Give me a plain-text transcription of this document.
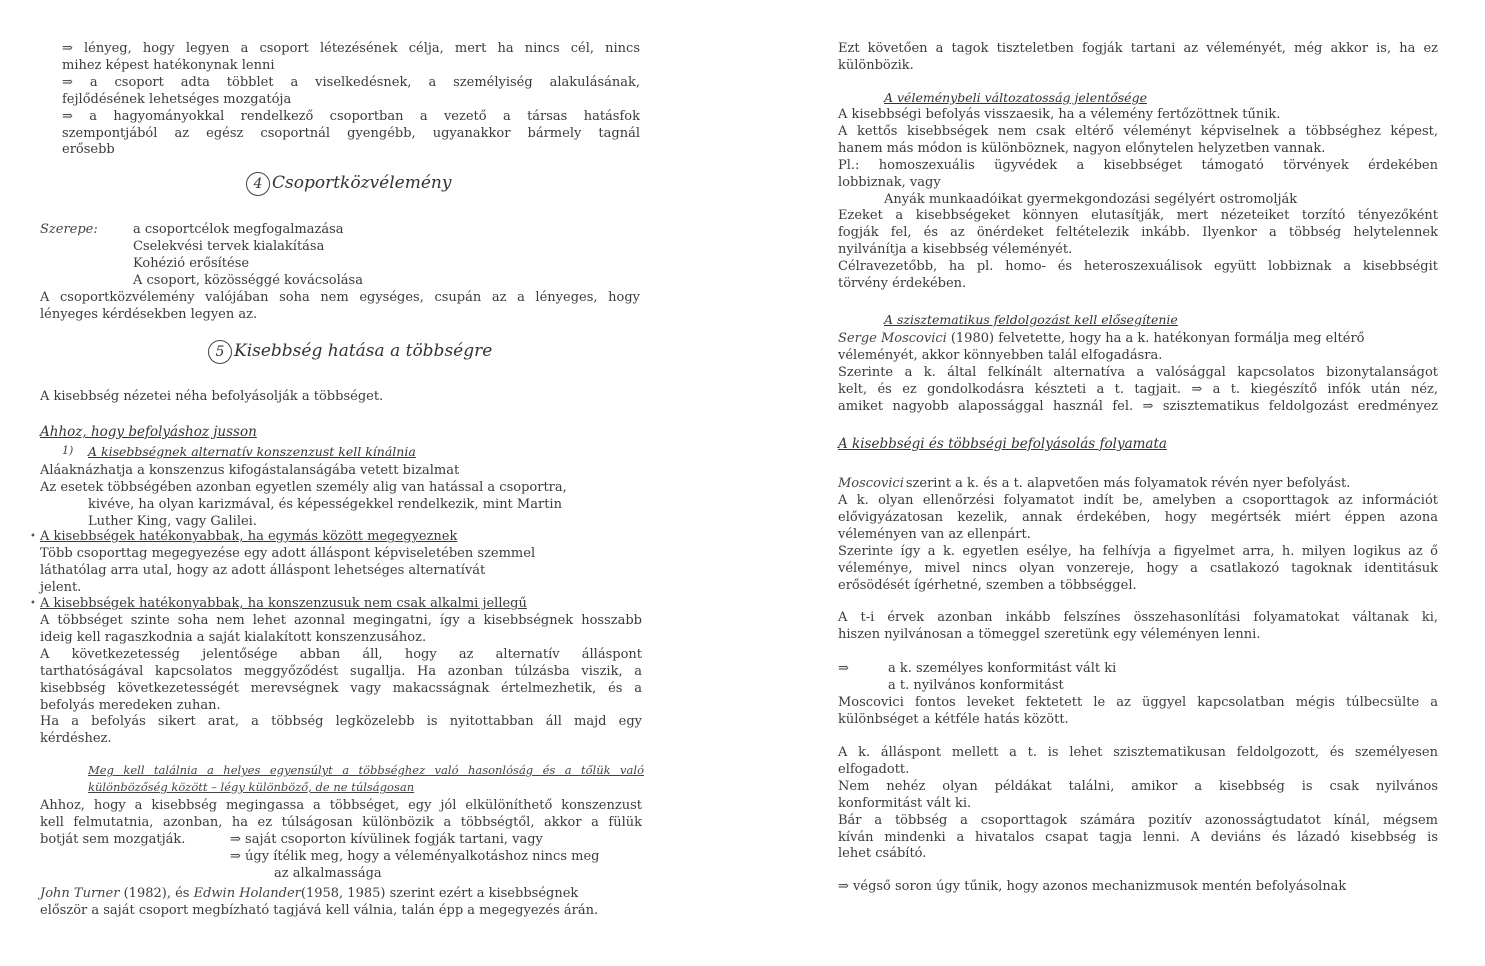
⇒ lényeg, hogy legyen a csoport létezésének célja, mert ha nincs cél, nincs
mihez képest hatékonynak lenni
⇒ a csoport adta többlet a viselkedésnek, a személyiség alakulásának,
fejlődésének lehetséges mozgatója
⇒ a hagyományokkal rendelkező csoportban a vezető a társas hatásfok
szempontjából az egész csoportnál gyengébb, ugyanakkor bármely tagnál
erősebb
4 Csoportközvélemény
Szerepe:	a csoportcélok megfogalmazása
Cselekvési tervek kialakítása
Kohézió erősítése
A csoport, közösséggé kovácsolása
A csoportközvélemény valójában soha nem egységes, csupán az a lényeges, hogy
lényeges kérdésekben legyen az.
5 Kisebbség hatása a többségre
A kisebbség nézetei néha befolyásolják a többséget.
Ahhoz, hogy befolyáshoz jusson
1) A kisebbségnek alternatív konszenzust kell kínálnia
Aláaknázhatja a konszenzus kifogástalanságába vetett bizalmat
Az esetek többségében azonban egyetlen személy alig van hatással a csoportra,
kivéve, ha olyan karizmával, és képességekkel rendelkezik, mint Martin
Luther King, vagy Galilei.
• A kisebbségek hatékonyabbak, ha egymás között megegyeznek
Több csoporttag megegyezése egy adott álláspont képviseletében szemmel
láthatólag arra utal, hogy az adott álláspont lehetséges alternatívát
jelent.
• A kisebbségek hatékonyabbak, ha konszenzusuk nem csak alkalmi jellegű
A többséget szinte soha nem lehet azonnal megingatni, így a kisebbségnek hosszabb
ideig kell ragaszkodnia a saját kialakított konszenzusához.
A következetesség jelentősége abban áll, hogy az alternatív álláspont
tarthatóságával kapcsolatos meggyőződést sugallja. Ha azonban túlzásba viszik, a
kisebbség következetességét merevségnek vagy makacsságnak értelmezhetik, és a
befolyás meredeken zuhan.
Ha a befolyás sikert arat, a többség legközelebb is nyitottabban áll majd egy
kérdéshez.
Meg kell találnia a helyes egyensúlyt a többséghez való hasonlóság és a tőlük való
különbözőség között – légy különböző, de ne túlságosan
Ahhoz, hogy a kisebbség megingassa a többséget, egy jól elkülöníthető konszenzust
kell felmutatnia, azonban, ha ez túlságosan különbözik a többségtől, akkor a fülük
botját sem mozgatják.	⇒ saját csoporton kívülinek fogják tartani, vagy
⇒ úgy ítélik meg, hogy a véleményalkotáshoz nincs meg
az alkalmassága
John Turner (1982), és Edwin Holander(1958, 1985) szerint ezért a kisebbségnek
először a saját csoport megbízható tagjává kell válnia, talán épp a megegyezés árán.
Ezt követően a tagok tiszteletben fogják tartani az véleményét, még akkor is, ha ez
különbözik.
A véleménybeli változatosság jelentősége
A kisebbségi befolyás visszaesik, ha a vélemény fertőzöttnek tűnik.
A kettős kisebbségek nem csak eltérő véleményt képviselnek a többséghez képest,
hanem más módon is különböznek, nagyon előnytelen helyzetben vannak.
Pl.: homoszexuális ügyvédek a kisebbséget támogató törvények érdekében
lobbiznak, vagy
Anyák munkaadóikat gyermekgondozási segélyért ostromolják
Ezeket a kisebbségeket könnyen elutasítják, mert nézeteiket torzító tényezőként
fogják fel, és az önérdeket feltételezik inkább. Ilyenkor a többség helytelennek
nyilvánítja a kisebbség véleményét.
Célravezetőbb, ha pl. homo- és heteroszexuálisok együtt lobbiznak a kisebbségit
törvény érdekében.
A szisztematikus feldolgozást kell elősegítenie
Serge Moscovici (1980) felvetette, hogy ha a k. hatékonyan formálja meg eltérő
véleményét, akkor könnyebben talál elfogadásra.
Szerinte a k. által felkínált alternatíva a valósággal kapcsolatos bizonytalanságot
kelt, és ez gondolkodásra készteti a t. tagjait. ⇒ a t. kiegészítő infók után néz,
amiket nagyobb alapossággal használ fel. ⇒ szisztematikus feldolgozást eredményez
A kisebbségi és többségi befolyásolás folyamata
Moscovici szerint a k. és a t. alapvetően más folyamatok révén nyer befolyást.
A k. olyan ellenőrzési folyamatot indít be, amelyben a csoporttagok az információt
elővigyázatosan kezelik, annak érdekében, hogy megértsék miért éppen azona
véleményen van az ellenpárt.
Szerinte így a k. egyetlen esélye, ha felhívja a figyelmet arra, h. milyen logikus az ő
véleménye, mivel nincs olyan vonzereje, hogy a csatlakozó tagoknak identitásuk
erősödését ígérhetné, szemben a többséggel.
A t-i érvek azonban inkább felszínes összehasonlítási folyamatokat váltanak ki,
hiszen nyilvánosan a tömeggel szeretünk egy véleményen lenni.
⇒	a k. személyes konformitást vált ki
a t. nyilvános konformitást
Moscovici fontos leveket fektetett le az üggyel kapcsolatban mégis túlbecsülte a
különbséget a kétféle hatás között.
A k. álláspont mellett a t. is lehet szisztematikusan feldolgozott, és személyesen
elfogadott.
Nem nehéz olyan példákat találni, amikor a kisebbség is csak nyilvános
konformitást vált ki.
Bár a többség a csoporttagok számára pozitív azonosságtudatot kínál, mégsem
kíván mindenki a hivatalos csapat tagja lenni. A deviáns és lázadó kisebbség is
lehet csábító.
⇒ végső soron úgy tűnik, hogy azonos mechanizmusok mentén befolyásolnak
